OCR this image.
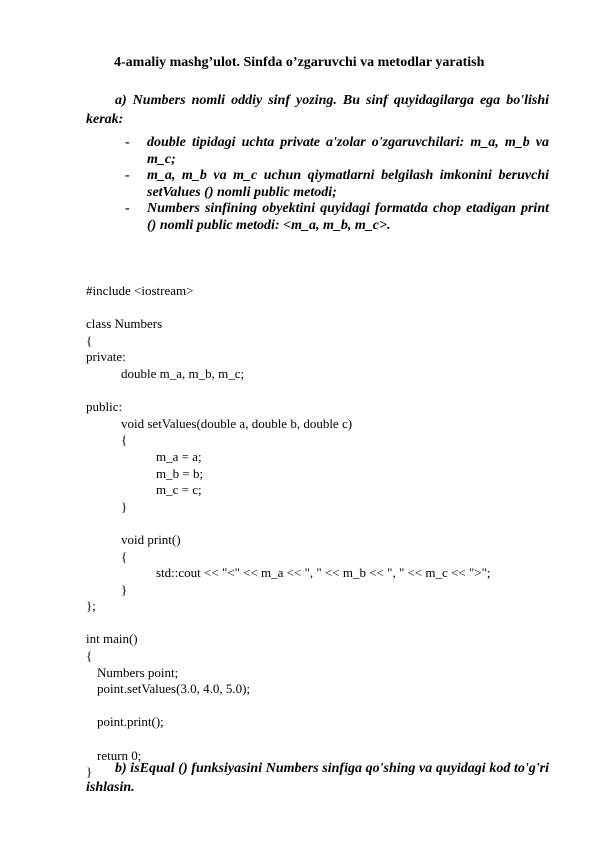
4-amaliy mashg’ulot. Sinfda o’zgaruvchi va metodlar yaratish
a) Numbers nomli oddiy sinf yozing. Bu sinf quyidagilarga ega bo'lishi kerak:
- double tipidagi uchta private a'zolar o'zgaruvchilari: m_a, m_b va m_c;
- m_a, m_b va m_c uchun qiymatlarni belgilash imkonini beruvchi setValues () nomli public metodi;
- Numbers sinfining obyektini quyidagi formatda chop etadigan print () nomli public metodi: <m_a, m_b, m_c>.
#include <iostream>
class Numbers
{
private:
double m_a, m_b, m_c;
public:
void setValues(double a, double b, double c)
{
m_a = a;
m_b = b;
m_c = c;
}
void print()
{
std::cout << "<" << m_a << ", " << m_b << ", " << m_c << ">";
}
};
int main()
{
Numbers point;
point.setValues(3.0, 4.0, 5.0);
point.print();
return 0;
}	b) isEqual () funksiyasini Numbers sinfiga qo'shing va quyidagi kod to'g'ri ishlasin.
